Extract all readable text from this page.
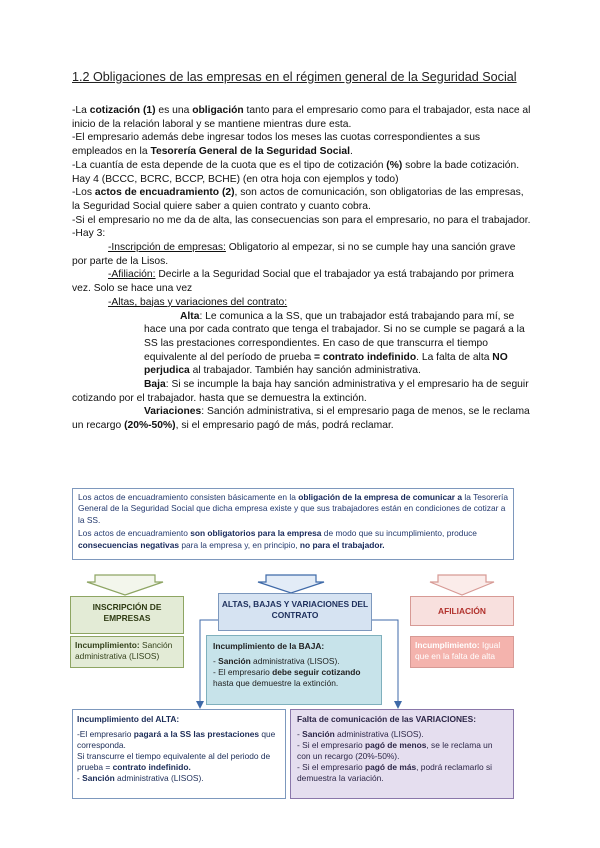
1.2 Obligaciones de las empresas en el régimen general de la Seguridad Social

-La cotización (1) es una obligación tanto para el empresario como para el trabajador, esta nace al inicio de la relación laboral y se mantiene mientras dure esta.

-El empresario además debe ingresar todos los meses las cuotas correspondientes a sus empleados en la Tesorería General de la Seguridad Social.

-La cuantía de esta depende de la cuota que es el tipo de cotización (%) sobre la bade cotización. Hay 4 (BCCC, BCRC, BCCP, BCHE) (en otra hoja con ejemplos y todo)

-Los actos de encuadramiento (2), son actos de comunicación, son obligatorias de las empresas, la Seguridad Social quiere saber a quien contrato y cuanto cobra.

-Si el empresario no me da de alta, las consecuencias son para el empresario, no para el trabajador.

-Hay 3:

-Inscripción de empresas: Obligatorio al empezar, si no se cumple hay una sanción grave por parte de la Lisos.

-Afiliación: Decirle a la Seguridad Social que el trabajador ya está trabajando por primera vez. Solo se hace una vez

-Altas, bajas y variaciones del contrato:

Alta: Le comunica a la SS, que un trabajador está trabajando para mí, se hace una por cada contrato que tenga el trabajador. Si no se cumple se pagará a la SS las prestaciones correspondientes. En caso de que transcurra el tiempo equivalente al del período de prueba = contrato indefinido. La falta de alta NO perjudica al trabajador. También hay sanción administrativa.

Baja: Si se incumple la baja hay sanción administrativa y el empresario ha de seguir cotizando por el trabajador. hasta que se demuestra la extinción.

Variaciones: Sanción administrativa, si el empresario paga de menos, se le reclama un recargo (20%-50%), si el empresario pagó de más, podrá reclamar.

Los actos de encuadramiento consisten básicamente en la obligación de la empresa de comunicar a la Tesorería General de la Seguridad Social que dicha empresa existe y que sus trabajadores están en condiciones de cotizar a la SS.

Los actos de encuadramiento son obligatorios para la empresa de modo que su incumplimiento, produce consecuencias negativas para la empresa y, en principio, no para el trabajador.

INSCRIPCIÓN DE EMPRESAS
ALTAS, BAJAS Y VARIACIONES DEL CONTRATO	AFILIACIÓN

Incumplimiento: Sanción administrativa (LISOS)

Incumplimiento: Igual que en la falta de alta

Incumplimiento de la BAJA:

- Sanción administrativa (LISOS).

- El empresario debe seguir cotizando hasta que demuestre la extinción.

Incumplimiento del ALTA:

-El empresario pagará a la SS las prestaciones que corresponda.

Si transcurre el tiempo equivalente al del periodo de prueba = contrato indefinido.

- Sanción administrativa (LISOS).

Falta de comunicación de las VARIACIONES:

- Sanción administrativa (LISOS).

- Si el empresario pagó de menos, se le reclama un con un recargo (20%-50%).

- Si el empresario pagó de más, podrá reclamarlo si demuestra la variación.
